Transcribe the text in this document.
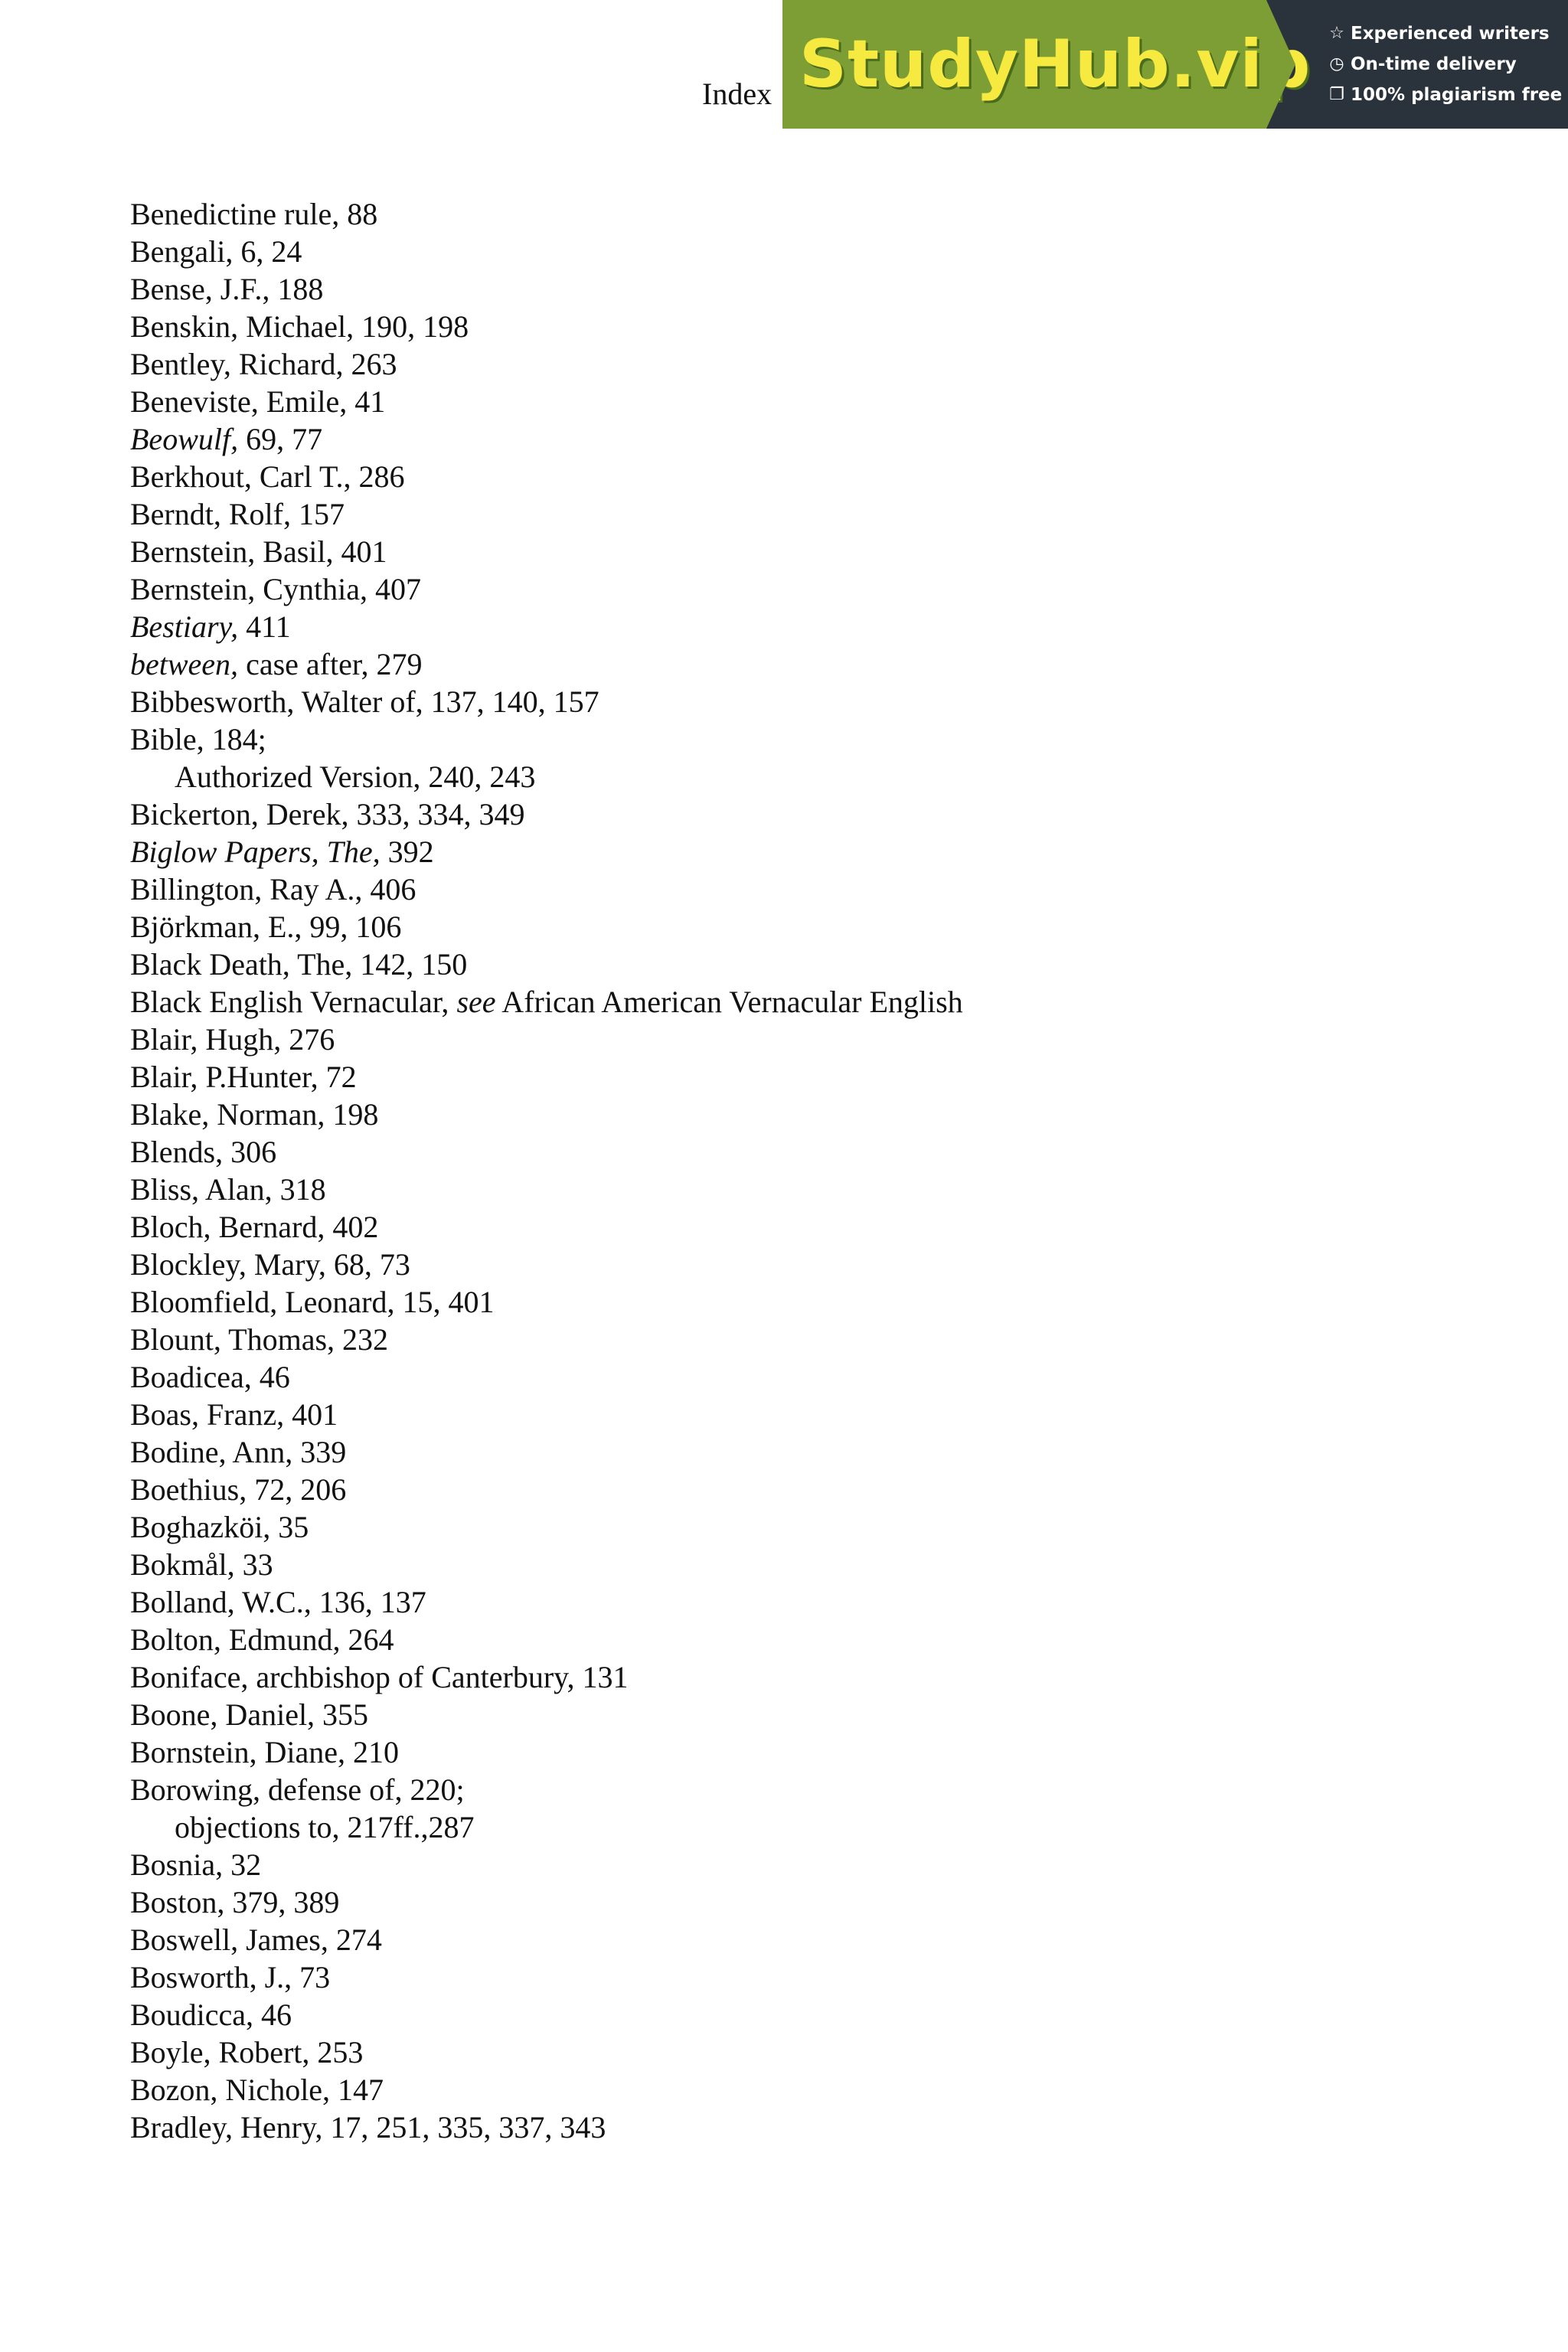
Index StudyHub.vip ☆ Experienced writers
◷ On-time delivery
❐ 100% plagiarism free
Benedictine rule, 88
Bengali, 6, 24
Bense, J.F., 188
Benskin, Michael, 190, 198
Bentley, Richard, 263
Beneviste, Emile, 41
Beowulf, 69, 77
Berkhout, Carl T., 286
Berndt, Rolf, 157
Bernstein, Basil, 401
Bernstein, Cynthia, 407
Bestiary, 411
between, case after, 279
Bibbesworth, Walter of, 137, 140, 157
Bible, 184;
Authorized Version, 240, 243
Bickerton, Derek, 333, 334, 349
Biglow Papers, The, 392
Billington, Ray A., 406
Björkman, E., 99, 106
Black Death, The, 142, 150
Black English Vernacular, see African American Vernacular English
Blair, Hugh, 276
Blair, P.Hunter, 72
Blake, Norman, 198
Blends, 306
Bliss, Alan, 318
Bloch, Bernard, 402
Blockley, Mary, 68, 73
Bloomfield, Leonard, 15, 401
Blount, Thomas, 232
Boadicea, 46
Boas, Franz, 401
Bodine, Ann, 339
Boethius, 72, 206
Boghazköi, 35
Bokmål, 33
Bolland, W.C., 136, 137
Bolton, Edmund, 264
Boniface, archbishop of Canterbury, 131
Boone, Daniel, 355
Bornstein, Diane, 210
Borowing, defense of, 220;
objections to, 217ff.,287
Bosnia, 32
Boston, 379, 389
Boswell, James, 274
Bosworth, J., 73
Boudicca, 46
Boyle, Robert, 253
Bozon, Nichole, 147
Bradley, Henry, 17, 251, 335, 337, 343
